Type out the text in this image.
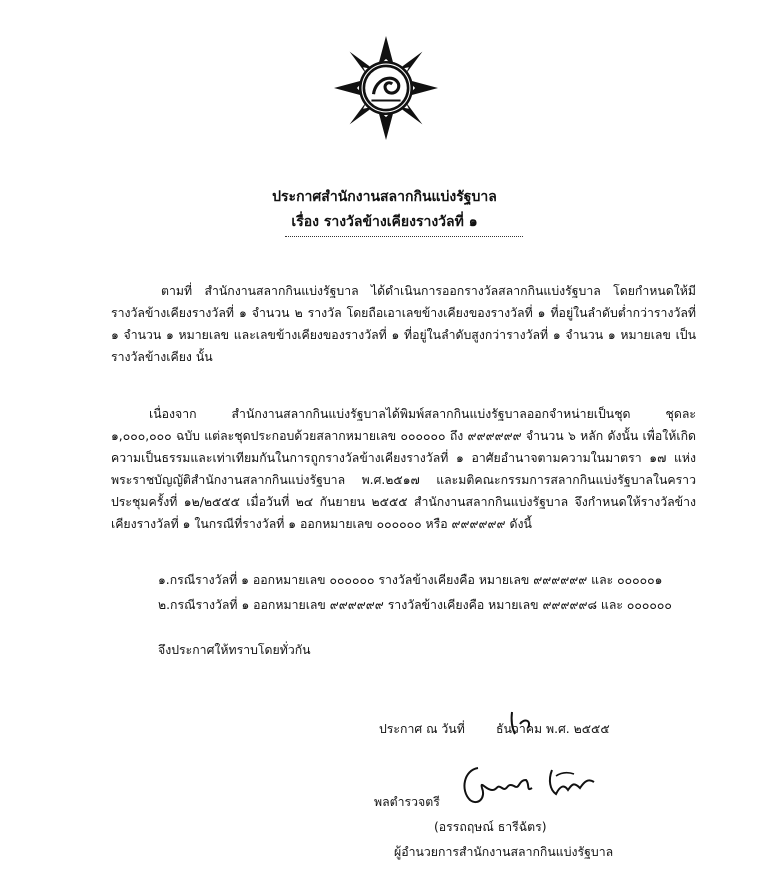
ประกาศสำนักงานสลากกินแบ่งรัฐบาล
เรื่อง รางวัลข้างเคียงรางวัลที่ ๑

ตามที่ สำนักงานสลากกินแบ่งรัฐบาล ได้ดำเนินการออกรางวัลสลากกินแบ่งรัฐบาล โดยกำหนดให้มีรางวัลข้างเคียงรางวัลที่ ๑ จำนวน ๒ รางวัล โดยถือเอาเลขข้างเคียงของรางวัลที่ ๑ ที่อยู่ในลำดับต่ำกว่ารางวัลที่ ๑ จำนวน ๑ หมายเลข และเลขข้างเคียงของรางวัลที่ ๑ ที่อยู่ในลำดับสูงกว่ารางวัลที่ ๑ จำนวน ๑ หมายเลข เป็นรางวัลข้างเคียง นั้น

เนื่องจาก สำนักงานสลากกินแบ่งรัฐบาลได้พิมพ์สลากกินแบ่งรัฐบาลออกจำหน่ายเป็นชุด ชุดละ ๑,๐๐๐,๐๐๐ ฉบับ แต่ละชุดประกอบด้วยสลากหมายเลข ๐๐๐๐๐๐ ถึง ๙๙๙๙๙๙ จำนวน ๖ หลัก ดังนั้น เพื่อให้เกิดความเป็นธรรมและเท่าเทียมกันในการถูกรางวัลข้างเคียงรางวัลที่ ๑ อาศัยอำนาจตามความในมาตรา ๑๗ แห่งพระราชบัญญัติสำนักงานสลากกินแบ่งรัฐบาล พ.ศ.๒๕๑๗ และมติคณะกรรมการสลากกินแบ่งรัฐบาลในคราวประชุมครั้งที่ ๑๒/๒๕๕๕ เมื่อวันที่ ๒๔ กันยายน ๒๕๕๕ สำนักงานสลากกินแบ่งรัฐบาล จึงกำหนดให้รางวัลข้างเคียงรางวัลที่ ๑ ในกรณีที่รางวัลที่ ๑ ออกหมายเลข ๐๐๐๐๐๐ หรือ ๙๙๙๙๙๙ ดังนี้

๑.กรณีรางวัลที่ ๑ ออกหมายเลข ๐๐๐๐๐๐ รางวัลข้างเคียงคือ หมายเลข ๙๙๙๙๙๙ และ ๐๐๐๐๐๑
๒.กรณีรางวัลที่ ๑ ออกหมายเลข ๙๙๙๙๙๙ รางวัลข้างเคียงคือ หมายเลข ๙๙๙๙๙๘ และ ๐๐๐๐๐๐
จึงประกาศให้ทราบโดยทั่วกัน
ประกาศ ณ วันที่	ธันวาคม พ.ศ. ๒๕๕๕
พลตำรวจตรี
(อรรถฤษณ์ ธารีฉัตร)
ผู้อำนวยการสำนักงานสลากกินแบ่งรัฐบาล
